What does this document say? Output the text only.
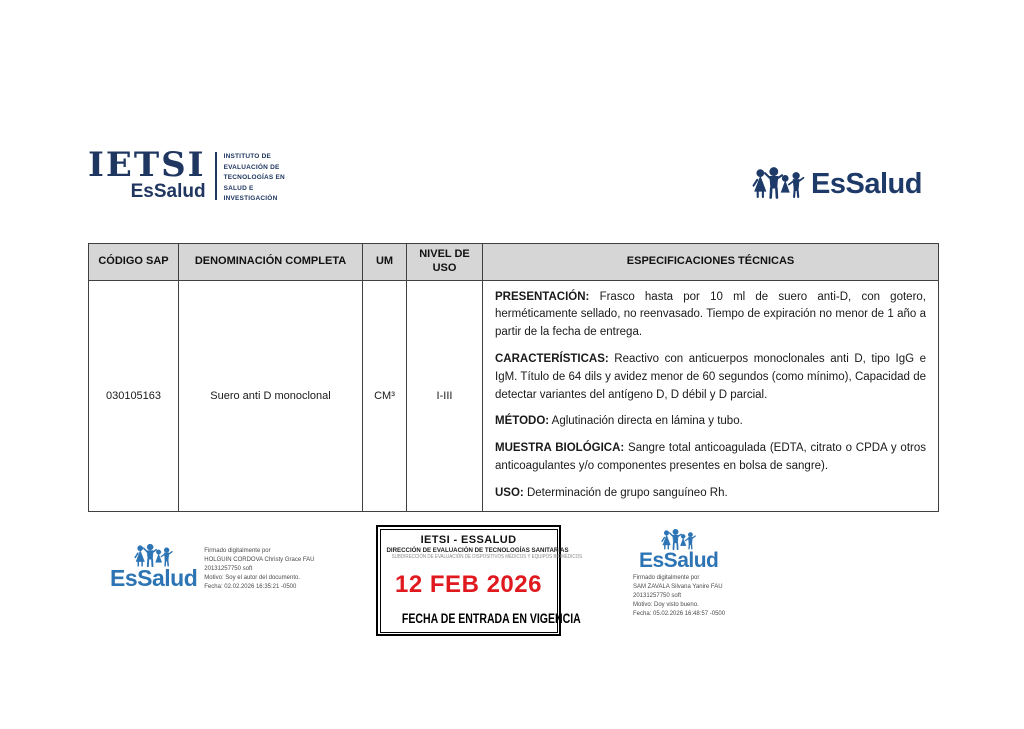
IETSI
EsSalud
INSTITUTO DE
EVALUACIÓN DE
TECNOLOGÍAS EN
SALUD E
INVESTIGACIÓN	EsSalud
CÓDIGO SAP	DENOMINACIÓN COMPLETA	UM	NIVEL DE USO	ESPECIFICACIONES TÉCNICAS
030105163	Suero anti D monoclonal	CM³	I-III	PRESENTACIÓN: Frasco hasta por 10 ml de suero anti-D, con gotero, herméticamente sellado, no reenvasado. Tiempo de expiración no menor de 1 año a partir de la fecha de entrega.

CARACTERÍSTICAS: Reactivo con anticuerpos monoclonales anti D, tipo IgG e IgM. Título de 64 dils y avidez menor de 60 segundos (como mínimo), Capacidad de detectar variantes del antígeno D, D débil y D parcial.

MÉTODO: Aglutinación directa en lámina y tubo.

MUESTRA BIOLÓGICA: Sangre total anticoagulada (EDTA, citrato o CPDA y otros anticoagulantes y/o componentes presentes en bolsa de sangre).

USO: Determinación de grupo sanguíneo Rh.

EsSalud
Firmado digitalmente por
HOLGUIN CORDOVA Christy Grace FAU
20131257750 soft
Motivo: Soy el autor del documento.
Fecha: 02.02.2026 16:35:21 -0500
IETSI - ESSALUD
DIRECCIÓN DE EVALUACIÓN DE TECNOLOGÍAS SANITARIAS
SUBDIRECCIÓN DE EVALUACIÓN DE DISPOSITIVOS MÉDICOS Y EQUIPOS BIOMÉDICOS
12 FEB 2026
FECHA DE ENTRADA EN VIGENCIA
EsSalud
Firmado digitalmente por
SAM ZAVALA Silvana Yanire FAU
20131257750 soft
Motivo: Doy visto bueno.
Fecha: 05.02.2026 16:48:57 -0500
